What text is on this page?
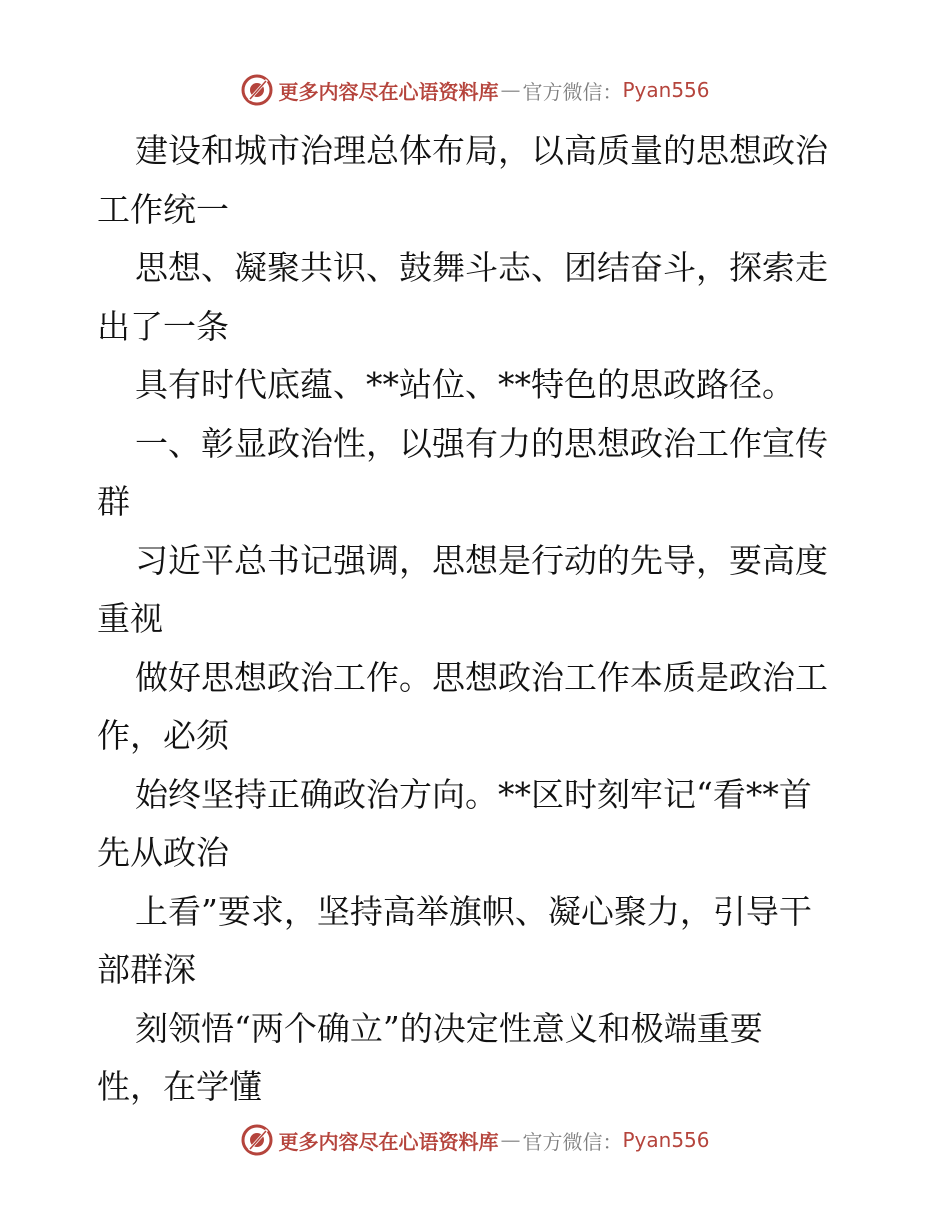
更多内容尽在心语资料库 — 官方微信： Pyan556
建设和城市治理总体布局，以高质量的思想政治
工作统一
思想、凝聚共识、鼓舞斗志、团结奋斗，探索走
出了一条
具有时代底蕴、**站位、**特色的思政路径。
一、彰显政治性，以强有力的思想政治工作宣传
群
习近平总书记强调，思想是行动的先导，要高度
重视
做好思想政治工作。思想政治工作本质是政治工
作，必须
始终坚持正确政治方向。**区时刻牢记“看**首
先从政治
上看”要求，坚持高举旗帜、凝心聚力，引导干
部群深
刻领悟“两个确立”的决定性意义和极端重要
性，在学懂
更多内容尽在心语资料库 — 官方微信： Pyan556
